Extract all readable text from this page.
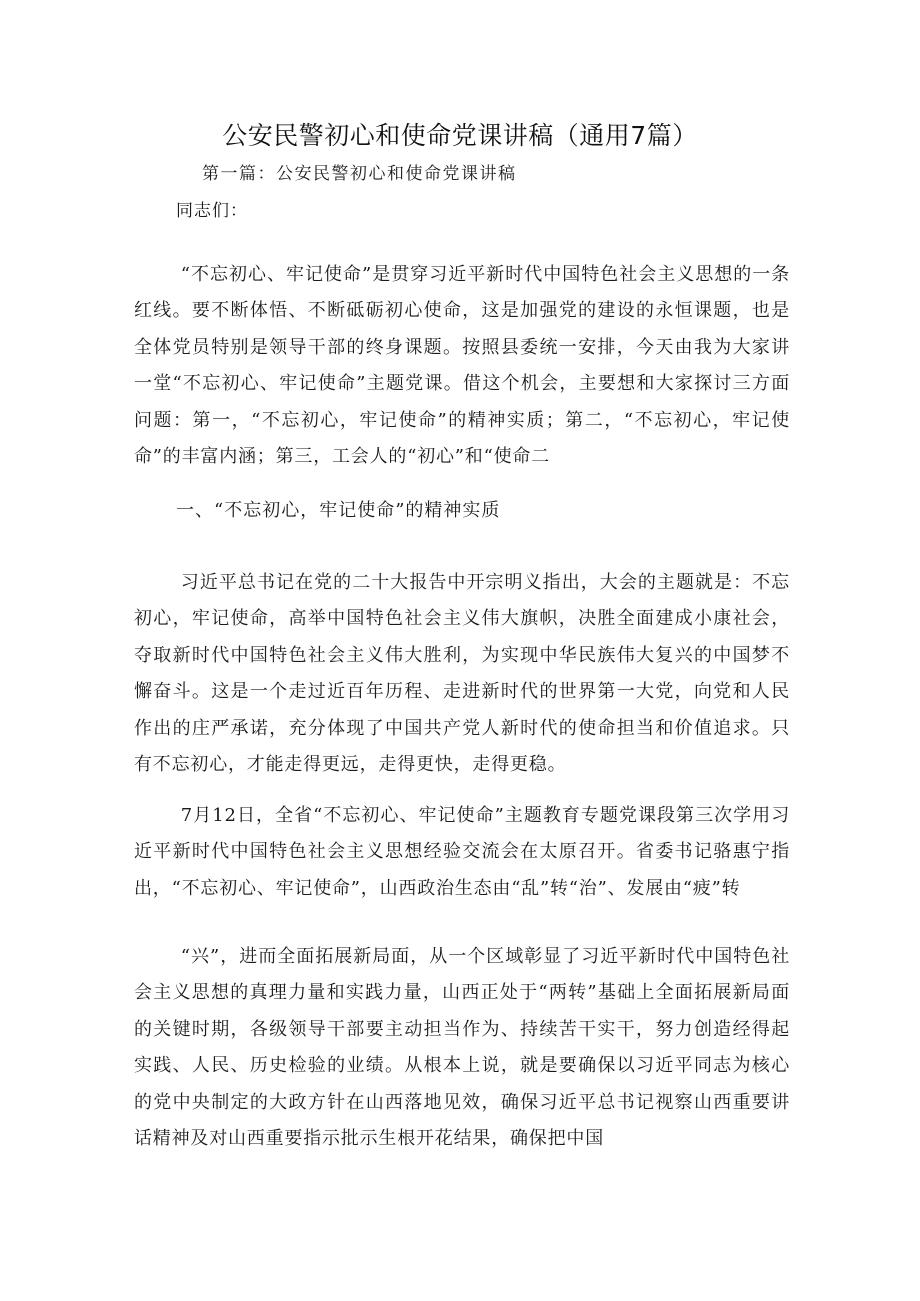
公安民警初心和使命党课讲稿（通用7篇）
第一篇：公安民警初心和使命党课讲稿
同志们：

“不忘初心、牢记使命”是贯穿习近平新时代中国特色社会主义思想的一条红线。要不断体悟、不断砥砺初心使命，这是加强党的建设的永恒课题，也是全体党员特别是领导干部的终身课题。按照县委统一安排，今天由我为大家讲一堂“不忘初心、牢记使命”主题党课。借这个机会，主要想和大家探讨三方面问题：第一，“不忘初心，牢记使命”的精神实质；第二，“不忘初心，牢记使命”的丰富内涵；第三，工会人的“初心”和“使命二

一、“不忘初心，牢记使命”的精神实质

习近平总书记在党的二十大报告中开宗明义指出，大会的主题就是：不忘初心，牢记使命，高举中国特色社会主义伟大旗帜，决胜全面建成小康社会，夺取新时代中国特色社会主义伟大胜利，为实现中华民族伟大复兴的中国梦不懈奋斗。这是一个走过近百年历程、走进新时代的世界第一大党，向党和人民作出的庄严承诺，充分体现了中国共产党人新时代的使命担当和价值追求。只有不忘初心，才能走得更远，走得更快，走得更稳。

7月12日，全省“不忘初心、牢记使命”主题教育专题党课段第三次学用习近平新时代中国特色社会主义思想经验交流会在太原召开。省委书记骆惠宁指出，“不忘初心、牢记使命”，山西政治生态由“乱”转“治”、发展由“疲”转

“兴”，进而全面拓展新局面，从一个区域彰显了习近平新时代中国特色社会主义思想的真理力量和实践力量，山西正处于“两转”基础上全面拓展新局面的关键时期，各级领导干部要主动担当作为、持续苦干实干，努力创造经得起实践、人民、历史检验的业绩。从根本上说，就是要确保以习近平同志为核心的党中央制定的大政方针在山西落地见效，确保习近平总书记视察山西重要讲话精神及对山西重要指示批示生根开花结果，确保把中国
